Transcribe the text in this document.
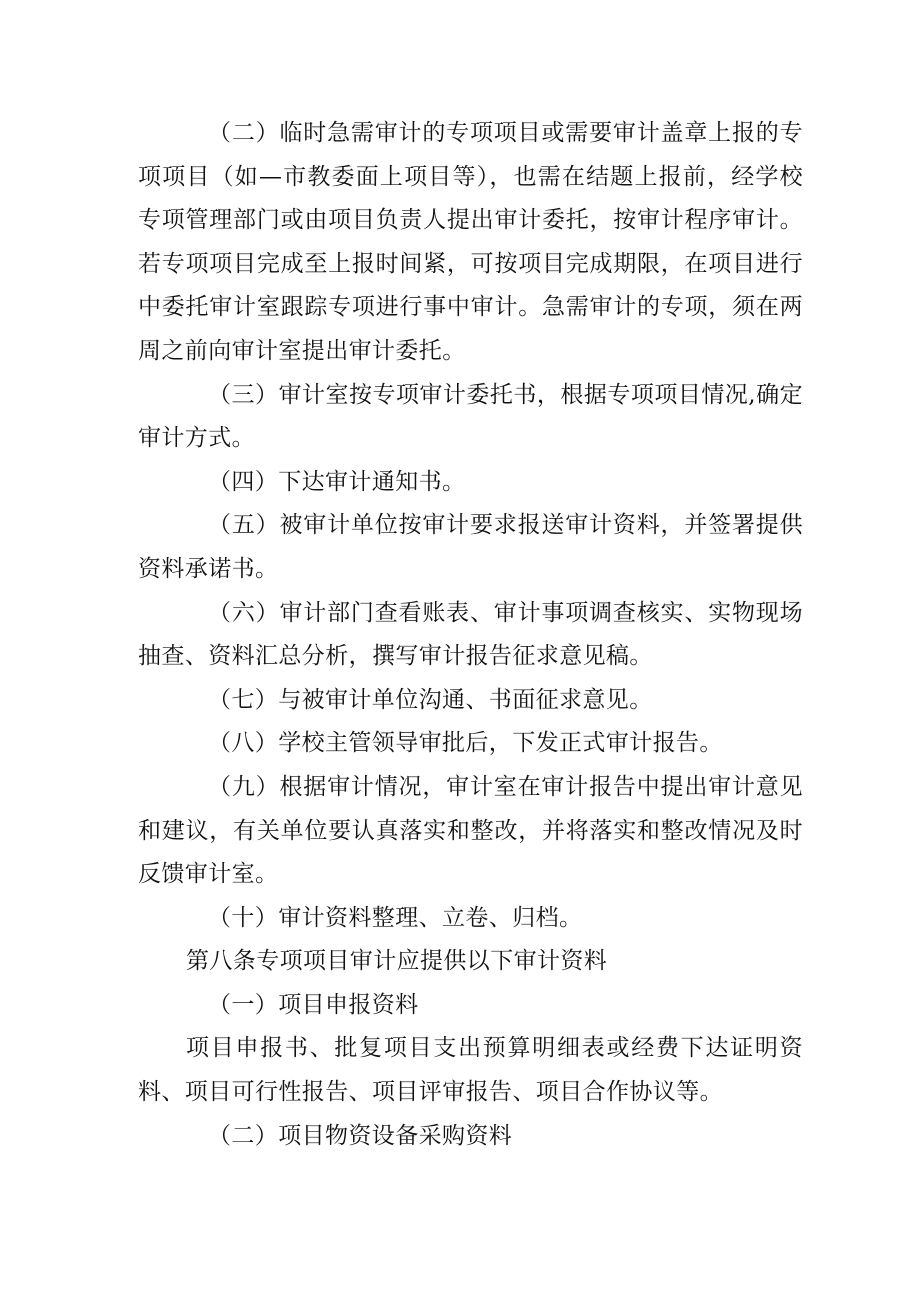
（二）临时急需审计的专项项目或需要审计盖章上报的专项项目（如—市教委面上项目等），也需在结题上报前，经学校专项管理部门或由项目负责人提出审计委托，按审计程序审计。若专项项目完成至上报时间紧，可按项目完成期限，在项目进行中委托审计室跟踪专项进行事中审计。急需审计的专项，须在两周之前向审计室提出审计委托。

（三）审计室按专项审计委托书，根据专项项目情况,确定审计方式。

（四）下达审计通知书。

（五）被审计单位按审计要求报送审计资料，并签署提供资料承诺书。

（六）审计部门查看账表、审计事项调查核实、实物现场抽查、资料汇总分析，撰写审计报告征求意见稿。

（七）与被审计单位沟通、书面征求意见。

（八）学校主管领导审批后，下发正式审计报告。

（九）根据审计情况，审计室在审计报告中提出审计意见和建议，有关单位要认真落实和整改，并将落实和整改情况及时反馈审计室。

（十）审计资料整理、立卷、归档。

第八条专项项目审计应提供以下审计资料

（一）项目申报资料

项目申报书、批复项目支出预算明细表或经费下达证明资料、项目可行性报告、项目评审报告、项目合作协议等。

（二）项目物资设备采购资料
